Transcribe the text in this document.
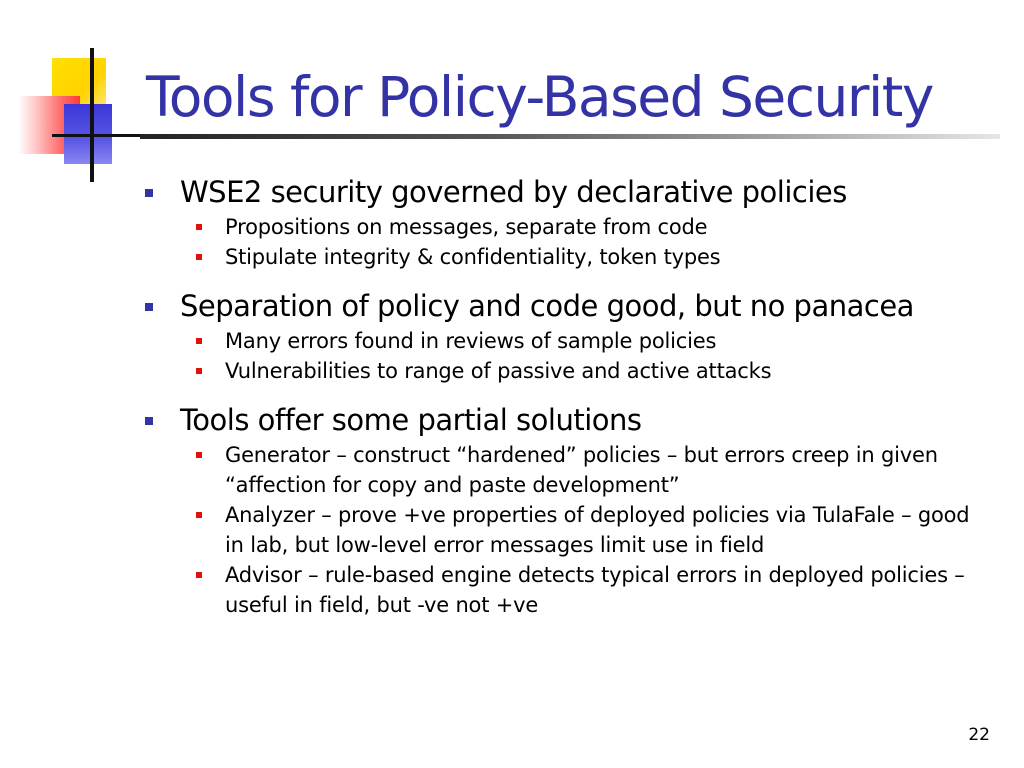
Tools for Policy-Based Security
WSE2 security governed by declarative policies
Propositions on messages, separate from code
Stipulate integrity & confidentiality, token types
Separation of policy and code good, but no panacea
Many errors found in reviews of sample policies
Vulnerabilities to range of passive and active attacks
Tools offer some partial solutions
Generator – construct “hardened” policies – but errors creep in given “affection for copy and paste development”
Analyzer – prove +ve properties of deployed policies via TulaFale – good in lab, but low-level error messages limit use in field
Advisor – rule-based engine detects typical errors in deployed policies – useful in field, but -ve not +ve
22
